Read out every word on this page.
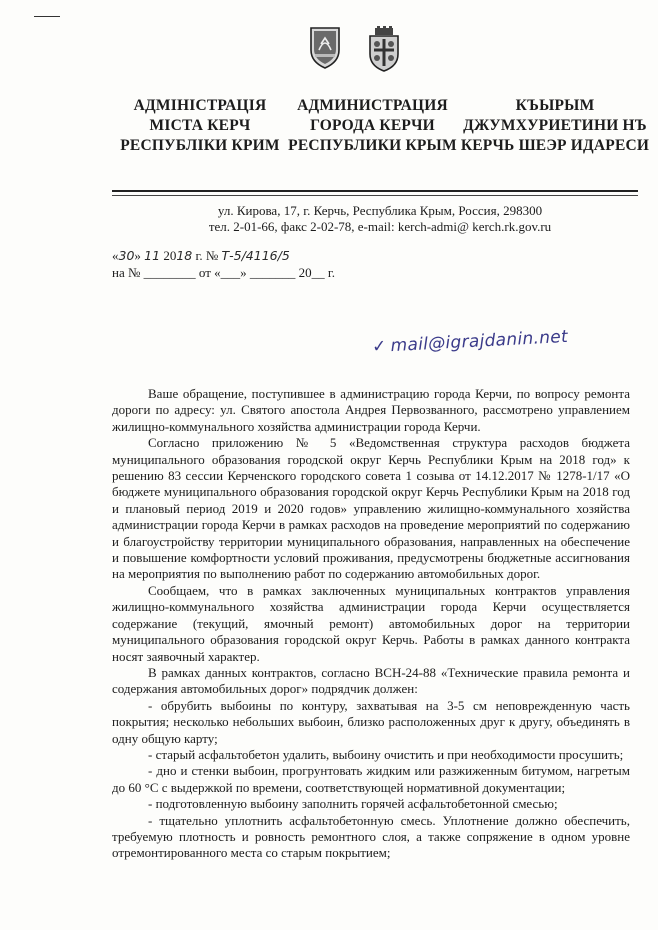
АДМІНІСТРАЦІЯ МІСТА КЕРЧ РЕСПУБЛІКИ КРИМ
АДМИНИСТРАЦИЯ ГОРОДА КЕРЧИ РЕСПУБЛИКИ КРЫМ
КЪЫРЫМ ДЖУМХУРИЕТИНИ НЪ КЕРЧЬ ШЕЭР ИДАРЕСИ
ул. Кирова, 17, г. Керчь, Республика Крым, Россия, 298300
тел. 2-01-66, факс 2-02-78, e-mail: kerch-admi@ kerch.rk.gov.ru
«30» 11 2018 г. № Т-5/4116/5
на № ________ от «___» _______ 20__ г.
✓ mail@igrajdanin.net

Ваше обращение, поступившее в администрацию города Керчи, по вопросу ремонта дороги по адресу: ул. Святого апостола Андрея Первозванного, рассмотрено управлением жилищно-коммунального хозяйства администрации города Керчи.

Согласно приложению № 5 «Ведомственная структура расходов бюджета муниципального образования городской округ Керчь Республики Крым на 2018 год» к решению 83 сессии Керченского городского совета 1 созыва от 14.12.2017 № 1278-1/17 «О бюджете муниципального образования городской округ Керчь Республики Крым на 2018 год и плановый период 2019 и 2020 годов» управлению жилищно-коммунального хозяйства администрации города Керчи в рамках расходов на проведение мероприятий по содержанию и благоустройству территории муниципального образования, направленных на обеспечение и повышение комфортности условий проживания, предусмотрены бюджетные ассигнования на мероприятия по выполнению работ по содержанию автомобильных дорог.

Сообщаем, что в рамках заключенных муниципальных контрактов управления жилищно-коммунального хозяйства администрации города Керчи осуществляется содержание (текущий, ямочный ремонт) автомобильных дорог на территории муниципального образования городской округ Керчь. Работы в рамках данного контракта носят заявочный характер.

В рамках данных контрактов, согласно ВСН-24-88 «Технические правила ремонта и содержания автомобильных дорог» подрядчик должен:

- обрубить выбоины по контуру, захватывая на 3-5 см неповрежденную часть покрытия; несколько небольших выбоин, близко расположенных друг к другу, объединять в одну общую карту;

- старый асфальтобетон удалить, выбоину очистить и при необходимости просушить;

- дно и стенки выбоин, прогрунтовать жидким или разжиженным битумом, нагретым до 60 °С с выдержкой по времени, соответствующей нормативной документации;

- подготовленную выбоину заполнить горячей асфальтобетонной смесью;

- тщательно уплотнить асфальтобетонную смесь. Уплотнение должно обеспечить, требуемую плотность и ровность ремонтного слоя, а также сопряжение в одном уровне отремонтированного места со старым покрытием;
